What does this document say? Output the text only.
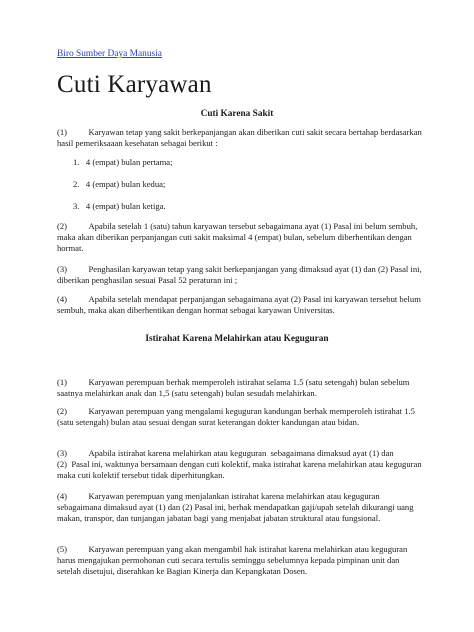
Biro Sumber Daya Manusia
Cuti Karyawan
Cuti Karena Sakit

(1)          Karyawan tetap yang sakit berkepanjangan akan diberikan cuti sakit secara bertahap berdasarkan hasil pemeriksaaan kesehatan sebagai berikut :

1.   4 (empat) bulan pertama;
2.   4 (empat) bulan kedua;
3.   4 (empat) bulan ketiga.

(2)          Apabila setelah 1 (satu) tahun karyawan tersebut sebagaimana ayat (1) Pasal ini belum sembuh, maka akan diberikan perpanjangan cuti sakit maksimal 4 (empat) bulan, sebelum diberhentikan dengan hormat.

(3)          Penghasilan karyawan tetap yang sakit berkepanjangan yang dimaksud ayat (1) dan (2) Pasal ini, diberikan penghasilan sesuai Pasal 52 peraturan ini ;

(4)          Apabila setelah mendapat perpanjangan sebagaimana ayat (2) Pasal ini karyawan tersebut belum sembuh, maka akan diberhentikan dengan hormat sebagai karyawan Universitas.

Istirahat Karena Melahirkan atau Keguguran

(1)          Karyawan perempuan berhak memperoleh istirahat selama 1.5 (satu setengah) bulan sebelum saatnya melahirkan anak dan 1,5 (satu setengah) bulan sesudah melahirkan.

(2)          Karyawan perempuan yang mengalami keguguran kandungan berhak memperoleh istirahat 1.5 (satu setengah) bulan atau sesuai dengan surat keterangan dokter kandungan atau bidan.

(3)          Apabila istirahat karena melahirkan atau keguguran  sebagaimana dimaksud ayat (1) dan (2)  Pasal ini, waktunya bersamaan dengan cuti kolektif, maka istirahat karena melahirkan atau keguguran maka cuti kolektif tersebut tidak diperhitungkan.

(4)          Karyawan perempuan yang menjalankan istirahat karena melahirkan atau keguguran sebagaimana dimaksud ayat (1) dan (2) Pasal ini, berhak mendapatkan gaji/upah setelah dikurangi uang makan, transpor, dan tunjangan jabatan bagi yang menjabat jabatan struktural atau fungsional.

(5)          Karyawan perempuan yang akan mengambil hak istirahat karena melahirkan atau keguguran harus mengajukan permohonan cuti secara tertulis seminggu sebelumnya kepada pimpinan unit dan setelah disetujui, diserahkan ke Bagian Kinerja dan Kepangkatan Dosen.
